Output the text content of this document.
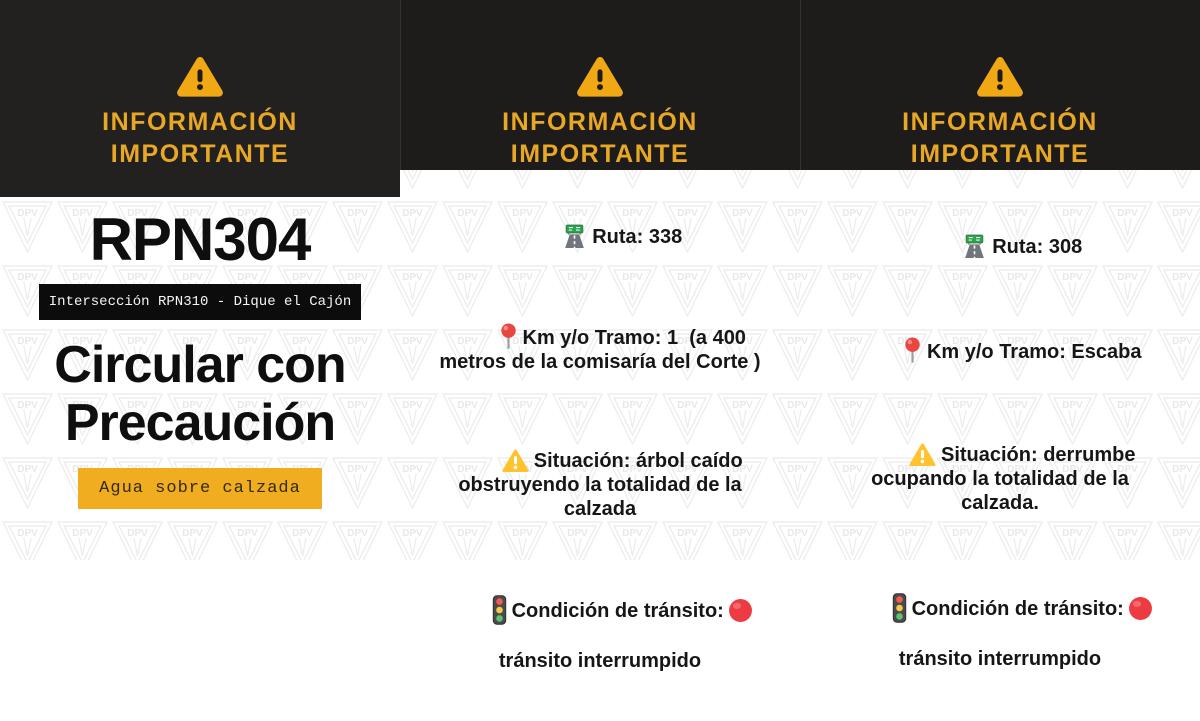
INFORMACIÓN
IMPORTANTE
RPN304
Intersección RPN310 - Dique el Cajón
Circular con
Precaución
Agua sobre calzada
INFORMACIÓN
IMPORTANTE

Ruta: 338

Km y/o Tramo: 1  (a 400 metros de la comisaría del Corte )

Situación: árbol caído obstruyendo la totalidad de la calzada

Condición de tránsito:

tránsito interrumpido

INFORMACIÓN
IMPORTANTE

Ruta: 308

Km y/o Tramo: Escaba

Situación: derrumbe ocupando la totalidad de la calzada.

Condición de tránsito:

tránsito interrumpido
